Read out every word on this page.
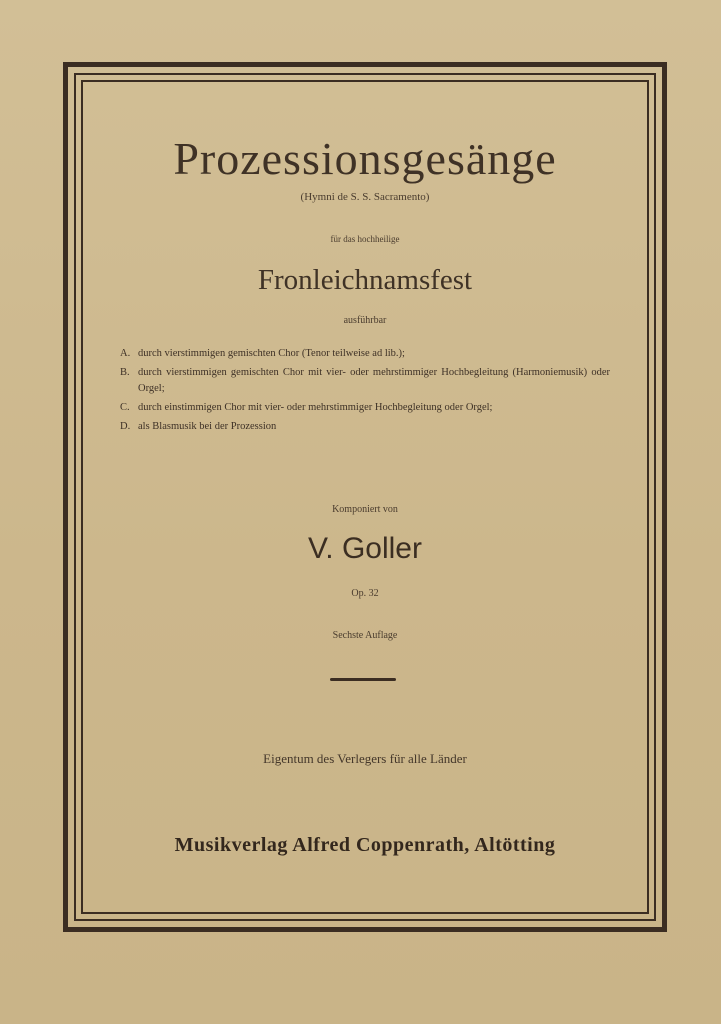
Prozessionsgesänge
(Hymni de S. S. Sacramento)
für das hochheilige
Fronleichnamsfest
ausführbar
A. durch vierstimmigen gemischten Chor (Tenor teilweise ad lib.);
B. durch vierstimmigen gemischten Chor mit vier- oder mehrstimmiger Hochbegleitung (Harmoniemusik) oder Orgel;
C. durch einstimmigen Chor mit vier- oder mehrstimmiger Hochbegleitung oder Orgel;
D. als Blasmusik bei der Prozession
Komponiert von
V. Goller
Op. 32
Sechste Auflage
Eigentum des Verlegers für alle Länder
Musikverlag Alfred Coppenrath, Altötting
